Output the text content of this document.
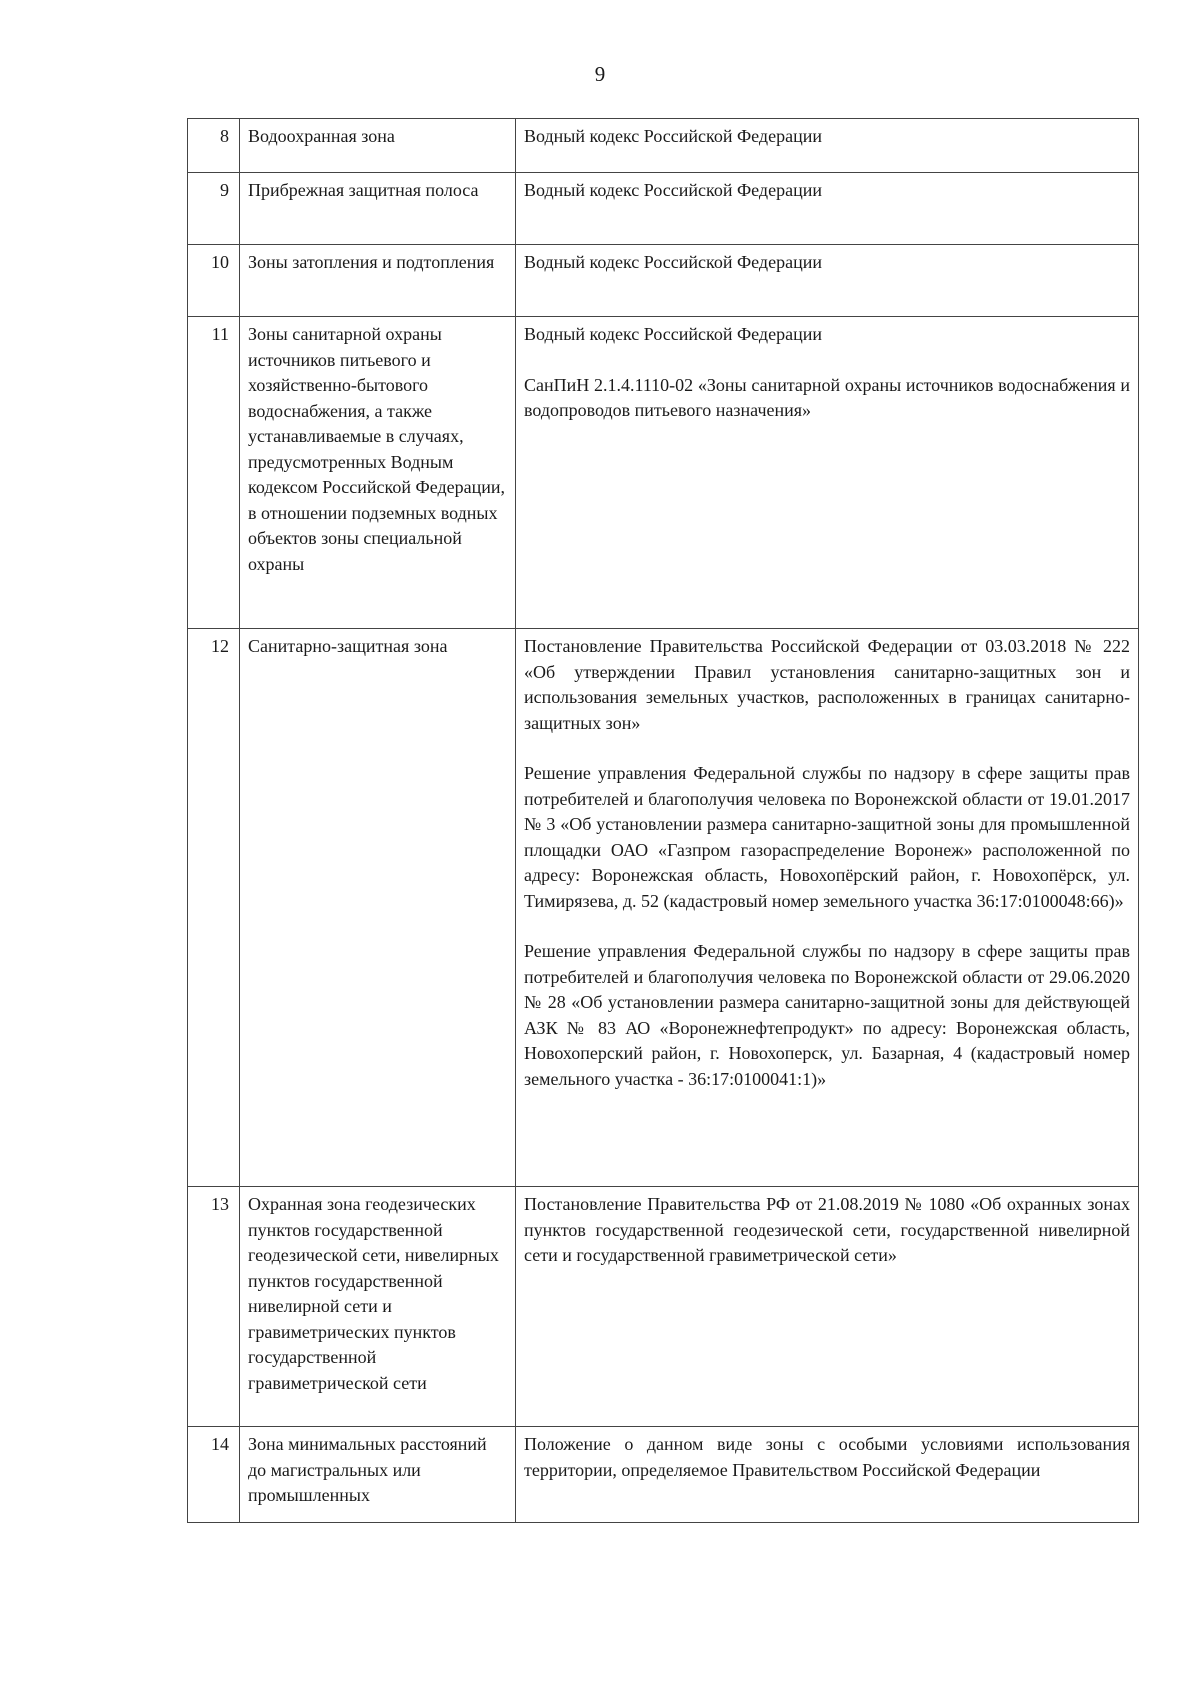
9
8	Водоохранная зона	Водный кодекс Российской Федерации

9	Прибрежная защитная полоса	Водный кодекс Российской Федерации

10	Зоны затопления и подтопления	Водный кодекс Российской Федерации

11	Зоны санитарной охраны источников питьевого и хозяйственно-бытового водоснабжения, а также устанавливаемые в случаях, предусмотренных Водным кодексом Российской Федерации, в отношении подземных водных объектов зоны специальной охраны	Водный кодекс Российской Федерации

СанПиН 2.1.4.1110-02 «Зоны санитарной охраны источников водоснабжения и водопроводов питьевого назначения»

12	Санитарно-защитная зона	Постановление Правительства Российской Федерации от 03.03.2018 № 222 «Об утверждении Правил установления санитарно-защитных зон и использования земельных участков, расположенных в границах санитарно-защитных зон»

Решение управления Федеральной службы по надзору в сфере защиты прав потребителей и благополучия человека по Воронежской области от 19.01.2017 № 3 «Об установлении размера санитарно-защитной зоны для промышленной площадки ОАО «Газпром газораспределение Воронеж» расположенной по адресу: Воронежская область, Новохопёрский район, г. Новохопёрск, ул. Тимирязева, д. 52 (кадастровый номер земельного участка 36:17:0100048:66)»

Решение управления Федеральной службы по надзору в сфере защиты прав потребителей и благополучия человека по Воронежской области от 29.06.2020 № 28 «Об установлении размера санитарно-защитной зоны для действующей АЗК № 83 АО «Воронежнефтепродукт» по адресу: Воронежская область, Новохоперский район, г. Новохоперск, ул. Базарная, 4 (кадастровый номер земельного участка - 36:17:0100041:1)»

13	Охранная зона геодезических пунктов государственной геодезической сети, нивелирных пунктов государственной нивелирной сети и гравиметрических пунктов государственной гравиметрической сети	Постановление Правительства РФ от 21.08.2019 № 1080 «Об охранных зонах пунктов государственной геодезической сети, государственной нивелирной сети и государственной гравиметрической сети»

14	Зона минимальных расстояний до магистральных или промышленных	Положение о данном виде зоны с особыми условиями использования территории, определяемое Правительством Российской Федерации
